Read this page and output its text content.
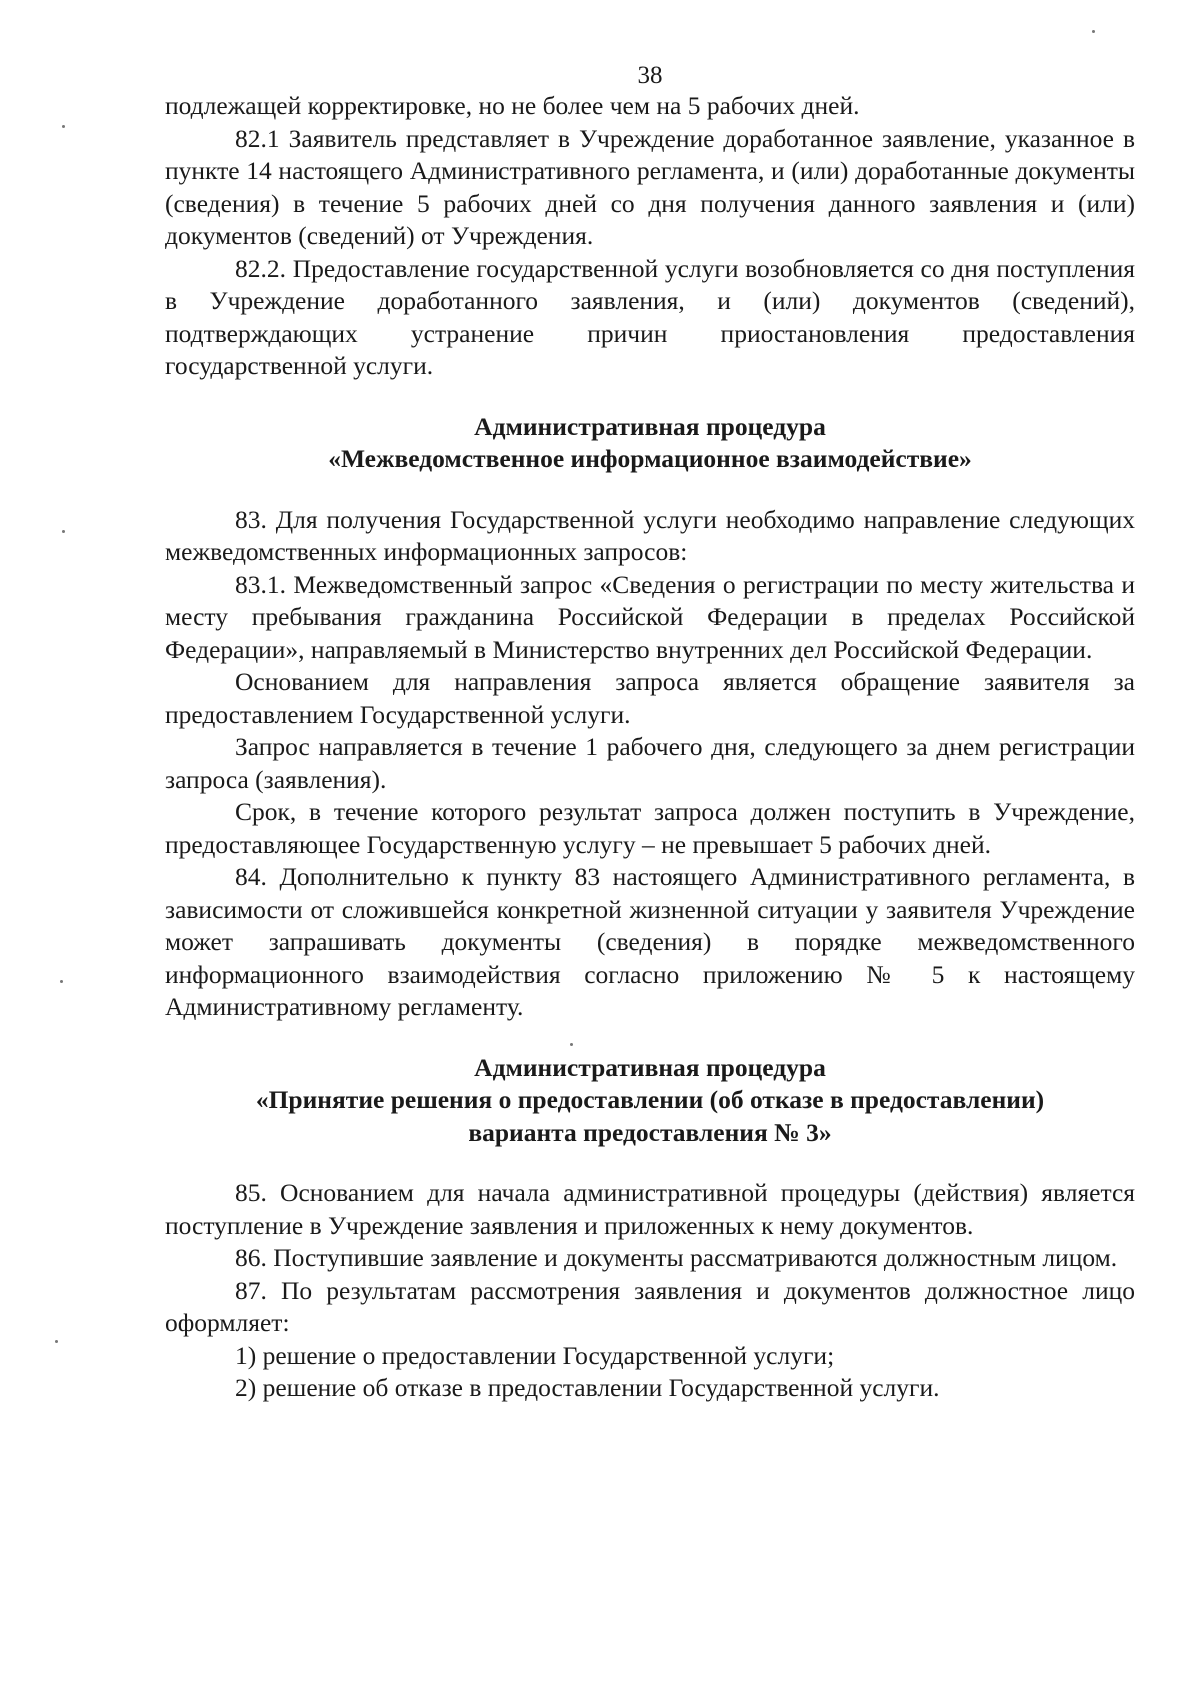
38

подлежащей корректировке, но не более чем на 5 рабочих дней.

82.1 Заявитель представляет в Учреждение доработанное заявление, указанное в пункте 14 настоящего Административного регламента, и (или) доработанные документы (сведения) в течение 5 рабочих дней со дня получения данного заявления и (или) документов (сведений) от Учреждения.

82.2. Предоставление государственной услуги возобновляется со дня поступления в Учреждение доработанного заявления, и (или) документов (сведений), подтверждающих устранение причин приостановления предоставления государственной услуги.

Административная процедура
«Межведомственное информационное взаимодействие»

83. Для получения Государственной услуги необходимо направление следующих межведомственных информационных запросов:

83.1. Межведомственный запрос «Сведения о регистрации по месту жительства и месту пребывания гражданина Российской Федерации в пределах Российской Федерации», направляемый в Министерство внутренних дел Российской Федерации.

Основанием для направления запроса является обращение заявителя за предоставлением Государственной услуги.

Запрос направляется в течение 1 рабочего дня, следующего за днем регистрации запроса (заявления).

Срок, в течение которого результат запроса должен поступить в Учреждение, предоставляющее Государственную услугу – не превышает 5 рабочих дней.

84. Дополнительно к пункту 83 настоящего Административного регламента, в зависимости от сложившейся конкретной жизненной ситуации у заявителя Учреждение может запрашивать документы (сведения) в порядке межведомственного информационного взаимодействия согласно приложению № 5 к настоящему Административному регламенту.

Административная процедура
«Принятие решения о предоставлении (об отказе в предоставлении)
варианта предоставления № 3»

85. Основанием для начала административной процедуры (действия) является поступление в Учреждение заявления и приложенных к нему документов.

86. Поступившие заявление и документы рассматриваются должностным лицом.

87. По результатам рассмотрения заявления и документов должностное лицо оформляет:

1) решение о предоставлении Государственной услуги;

2) решение об отказе в предоставлении Государственной услуги.
